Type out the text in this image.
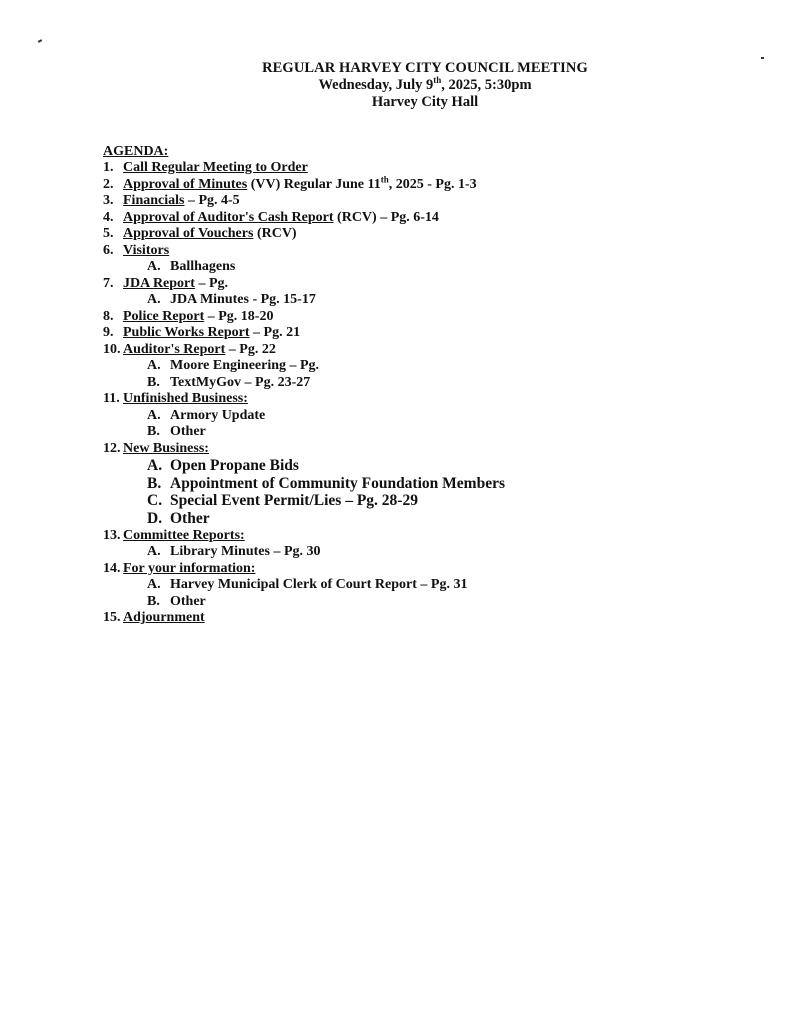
REGULAR HARVEY CITY COUNCIL MEETING
Wednesday, July 9th, 2025, 5:30pm
Harvey City Hall
AGENDA:
1. Call Regular Meeting to Order
2. Approval of Minutes (VV) Regular June 11th, 2025 - Pg. 1-3
3. Financials – Pg. 4-5
4. Approval of Auditor's Cash Report (RCV) – Pg. 6-14
5. Approval of Vouchers (RCV)
6. Visitors
A. Ballhagens
7. JDA Report – Pg.
A. JDA Minutes - Pg. 15-17
8. Police Report – Pg. 18-20
9. Public Works Report – Pg. 21
10. Auditor's Report – Pg. 22
A. Moore Engineering – Pg.
B. TextMyGov – Pg. 23-27
11. Unfinished Business:
A. Armory Update
B. Other
12. New Business:
A. Open Propane Bids
B. Appointment of Community Foundation Members
C. Special Event Permit/Lies – Pg. 28-29
D. Other
13. Committee Reports:
A. Library Minutes – Pg. 30
14. For your information:
A. Harvey Municipal Clerk of Court Report – Pg. 31
B. Other
15. Adjournment
